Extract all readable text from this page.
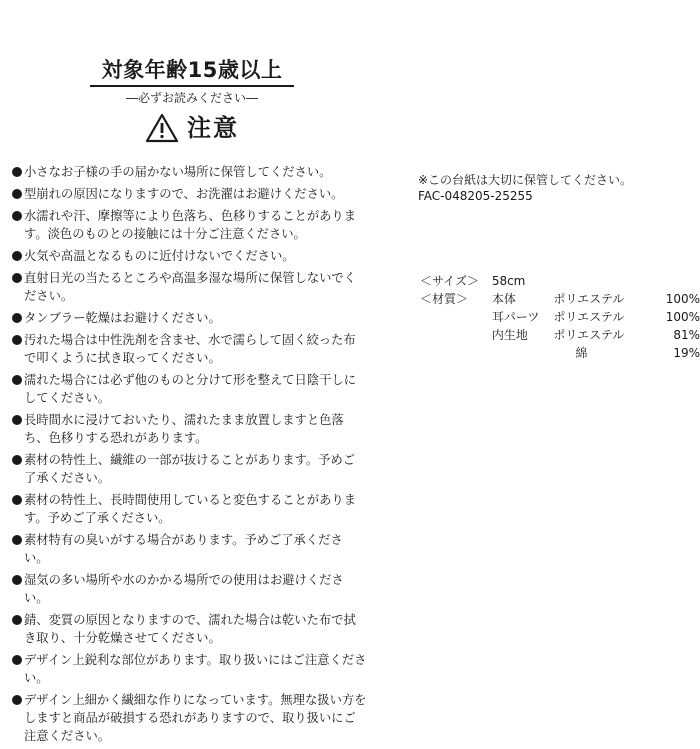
対象年齢15歳以上
―必ずお読みください―
注意
小さなお子様の手の届かない場所に保管してください。
型崩れの原因になりますので、お洗濯はお避けください。
水濡れや汗、摩擦等により色落ち、色移りすることがあります。淡色のものとの接触には十分ご注意ください。
火気や高温となるものに近付けないでください。
直射日光の当たるところや高温多湿な場所に保管しないでください。
タンブラー乾燥はお避けください。
汚れた場合は中性洗剤を含ませ、水で濡らして固く絞った布で叩くように拭き取ってください。
濡れた場合には必ず他のものと分けて形を整えて日陰干しにしてください。
長時間水に浸けておいたり、濡れたまま放置しますと色落ち、色移りする恐れがあります。
素材の特性上、繊維の一部が抜けることがあります。予めご了承ください。
素材の特性上、長時間使用していると変色することがあります。予めご了承ください。
素材特有の臭いがする場合があります。予めご了承ください。
湿気の多い場所や水のかかる場所での使用はお避けください。
錆、変質の原因となりますので、濡れた場合は乾いた布で拭き取り、十分乾燥させてください。
デザイン上鋭利な部位があります。取り扱いにはご注意ください。
デザイン上細かく繊細な作りになっています。無理な扱い方をしますと商品が破損する恐れがありますので、取り扱いにご注意ください。
※この台紙は大切に保管してください。
FAC-048205-25255
＜サイズ＞	58cm		
＜材質＞	本体	ポリエステル	100%
	耳パーツ	ポリエステル	100%
	内生地	ポリエステル	81%
		綿	19%
